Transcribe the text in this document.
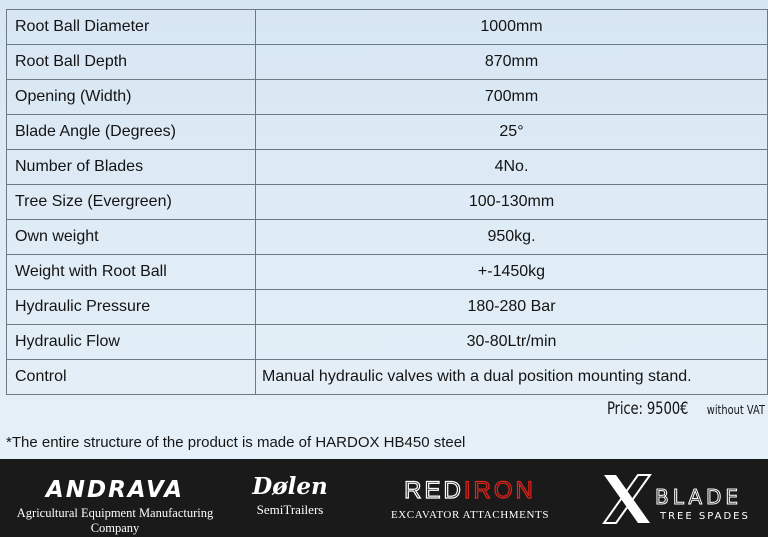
Root Ball Diameter	1000mm
Root Ball Depth	870mm
Opening (Width)	700mm
Blade Angle (Degrees)	25°
Number of Blades	4No.
Tree Size (Evergreen)	100-130mm
Own weight	950kg.
Weight with Root Ball	+-1450kg
Hydraulic Pressure	180-280 Bar
Hydraulic Flow	30-80Ltr/min
Control	Manual hydraulic valves with a dual position mounting stand.
Price: 9500€ without VAT
*The entire structure of the product is made of HARDOX HB450 steel
ANDRAVA
Agricultural Equipment Manufacturing Company
Dølen
SemiTrailers
RED IRON
EXCAVATOR ATTACHMENTS
BLADE
TREE SPADES
